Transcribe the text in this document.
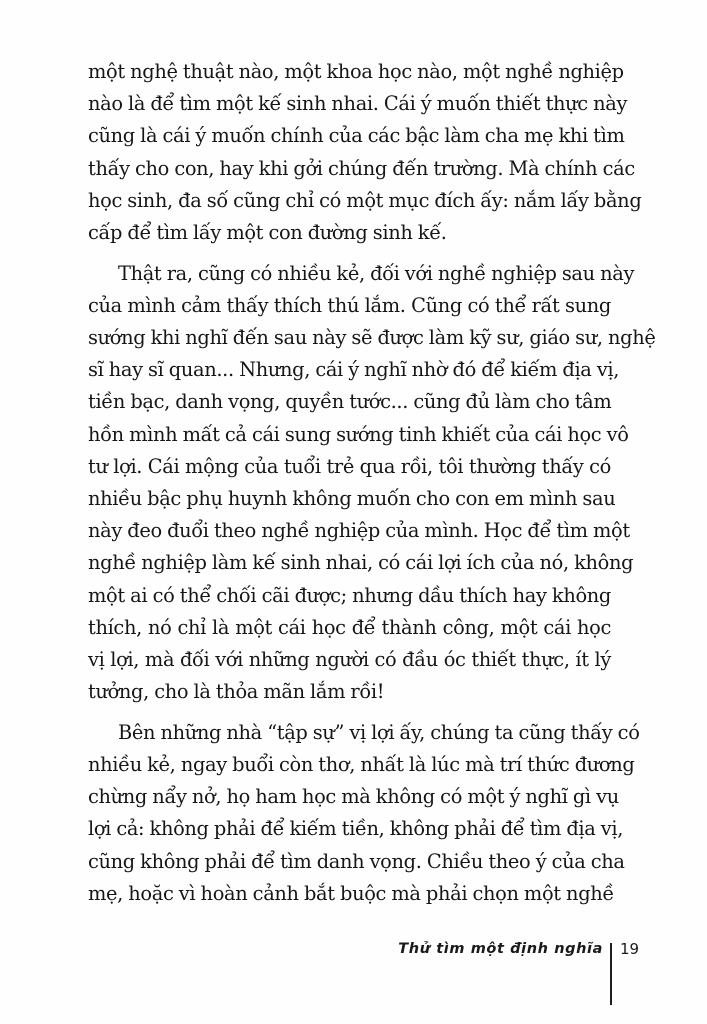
một nghệ thuật nào, một khoa học nào, một nghề nghiệp
nào là để tìm một kế sinh nhai. Cái ý muốn thiết thực này
cũng là cái ý muốn chính của các bậc làm cha mẹ khi tìm
thấy cho con, hay khi gởi chúng đến trường. Mà chính các
học sinh, đa số cũng chỉ có một mục đích ấy: nắm lấy bằng
cấp để tìm lấy một con đường sinh kế.
Thật ra, cũng có nhiều kẻ, đối với nghề nghiệp sau này
của mình cảm thấy thích thú lắm. Cũng có thể rất sung
sướng khi nghĩ đến sau này sẽ được làm kỹ sư, giáo sư, nghệ
sĩ hay sĩ quan... Nhưng, cái ý nghĩ nhờ đó để kiếm địa vị,
tiền bạc, danh vọng, quyền tước... cũng đủ làm cho tâm
hồn mình mất cả cái sung sướng tinh khiết của cái học vô
tư lợi. Cái mộng của tuổi trẻ qua rồi, tôi thường thấy có
nhiều bậc phụ huynh không muốn cho con em mình sau
này đeo đuổi theo nghề nghiệp của mình. Học để tìm một
nghề nghiệp làm kế sinh nhai, có cái lợi ích của nó, không
một ai có thể chối cãi được; nhưng dầu thích hay không
thích, nó chỉ là một cái học để thành công, một cái học
vị lợi, mà đối với những người có đầu óc thiết thực, ít lý
tưởng, cho là thỏa mãn lắm rồi!
Bên những nhà “tập sự” vị lợi ấy, chúng ta cũng thấy có
nhiều kẻ, ngay buổi còn thơ, nhất là lúc mà trí thức đương
chừng nẩy nở, họ ham học mà không có một ý nghĩ gì vụ
lợi cả: không phải để kiếm tiền, không phải để tìm địa vị,
cũng không phải để tìm danh vọng. Chiều theo ý của cha
mẹ, hoặc vì hoàn cảnh bắt buộc mà phải chọn một nghề
Thử tìm một định nghĩa 19
